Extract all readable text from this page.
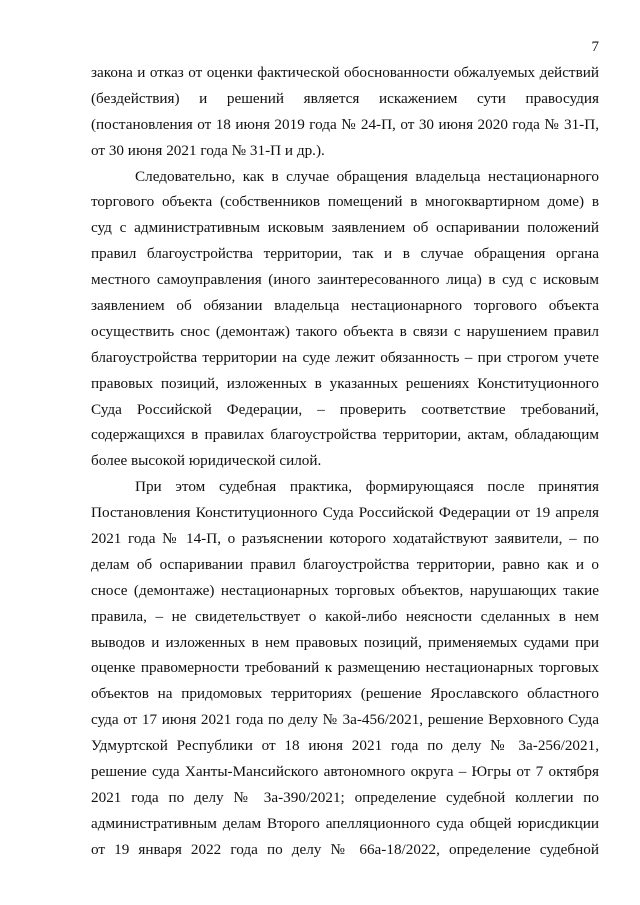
7
закона и отказ от оценки фактической обоснованности обжалуемых действий
(бездействия) и решений является искажением сути правосудия
(постановления от 18 июня 2019 года № 24-П, от 30 июня 2020 года № 31-П,
от 30 июня 2021 года № 31-П и др.).
Следовательно, как в случае обращения владельца нестационарного
торгового объекта (собственников помещений в многоквартирном доме) в
суд с административным исковым заявлением об оспаривании положений
правил благоустройства территории, так и в случае обращения органа
местного самоуправления (иного заинтересованного лица) в суд с исковым
заявлением об обязании владельца нестационарного торгового объекта
осуществить снос (демонтаж) такого объекта в связи с нарушением правил
благоустройства территории на суде лежит обязанность – при строгом учете
правовых позиций, изложенных в указанных решениях Конституционного
Суда Российской Федерации, – проверить соответствие требований,
содержащихся в правилах благоустройства территории, актам, обладающим
более высокой юридической силой.
При этом судебная практика, формирующаяся после принятия
Постановления Конституционного Суда Российской Федерации от 19 апреля
2021 года № 14-П, о разъяснении которого ходатайствуют заявители, – по
делам об оспаривании правил благоустройства территории, равно как и о
сносе (демонтаже) нестационарных торговых объектов, нарушающих такие
правила, – не свидетельствует о какой-либо неясности сделанных в нем
выводов и изложенных в нем правовых позиций, применяемых судами при
оценке правомерности требований к размещению нестационарных торговых
объектов на придомовых территориях (решение Ярославского областного
суда от 17 июня 2021 года по делу № 3а-456/2021, решение Верховного Суда
Удмуртской Республики от 18 июня 2021 года по делу № 3а-256/2021,
решение суда Ханты-Мансийского автономного округа – Югры от 7 октября
2021 года по делу № 3а-390/2021; определение судебной коллегии по
административным делам Второго апелляционного суда общей юрисдикции
от 19 января 2022 года по делу № 66а-18/2022, определение судебной
